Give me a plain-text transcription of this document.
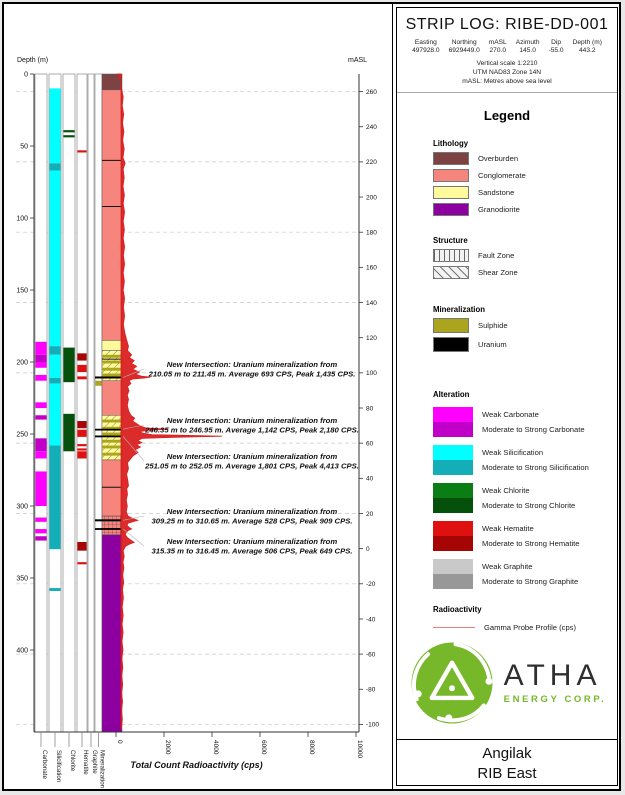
Depth (m)	mASL
0
50
100
150
200
250
300
350
400
260
240
220
200
180
160
140
120
100
80
60
40
20
0
-20
-40
-60
-80
-100
0	2000	4000	6000	8000	10000
Carbonate Silicification Chlorite Hematite Graphite Mineralization	Total Count Radioactivity (cps)
New Intersection: Uranium mineralization from 210.05 m to 211.45 m. Average 693 CPS, Peak 1,435 CPS.
New Intersection: Uranium mineralization from 246.35 m to 246.95 m. Average 1,142 CPS, Peak 2,180 CPS.
New Intersection: Uranium mineralization from 251.05 m to 252.05 m. Average 1,801 CPS, Peak 4,413 CPS.
New Intersection: Uranium mineralization from 309.25 m to 310.65 m. Average 528 CPS, Peak 909 CPS.
New Intersection: Uranium mineralization from 315.35 m to 316.45 m. Average 506 CPS, Peak 649 CPS.
STRIP LOG: RIBE-DD-001
Easting
497928.0
Northing
6929449.0
mASL
270.0
Azimuth
145.0
Dip
-55.0
Depth (m)
443.2
Vertical scale 1:2210
UTM NAD83 Zone 14N
mASL: Metres above sea level
Legend
Lithology
Overburden
Conglomerate
Sandstone
Granodiorite
Structure
Fault Zone
Shear Zone
Mineralization
Sulphide
Uranium
Alteration
Weak Carbonate
Moderate to Strong Carbonate
Weak Silicification
Moderate to Strong Silicification
Weak Chlorite
Moderate to Strong Chlorite
Weak Hematite
Moderate to Strong Hematite
Weak Graphite
Moderate to Strong Graphite
Radioactivity
Gamma Probe Profile (cps)
ATHA
ENERGY CORP.
Angilak
RIB East
